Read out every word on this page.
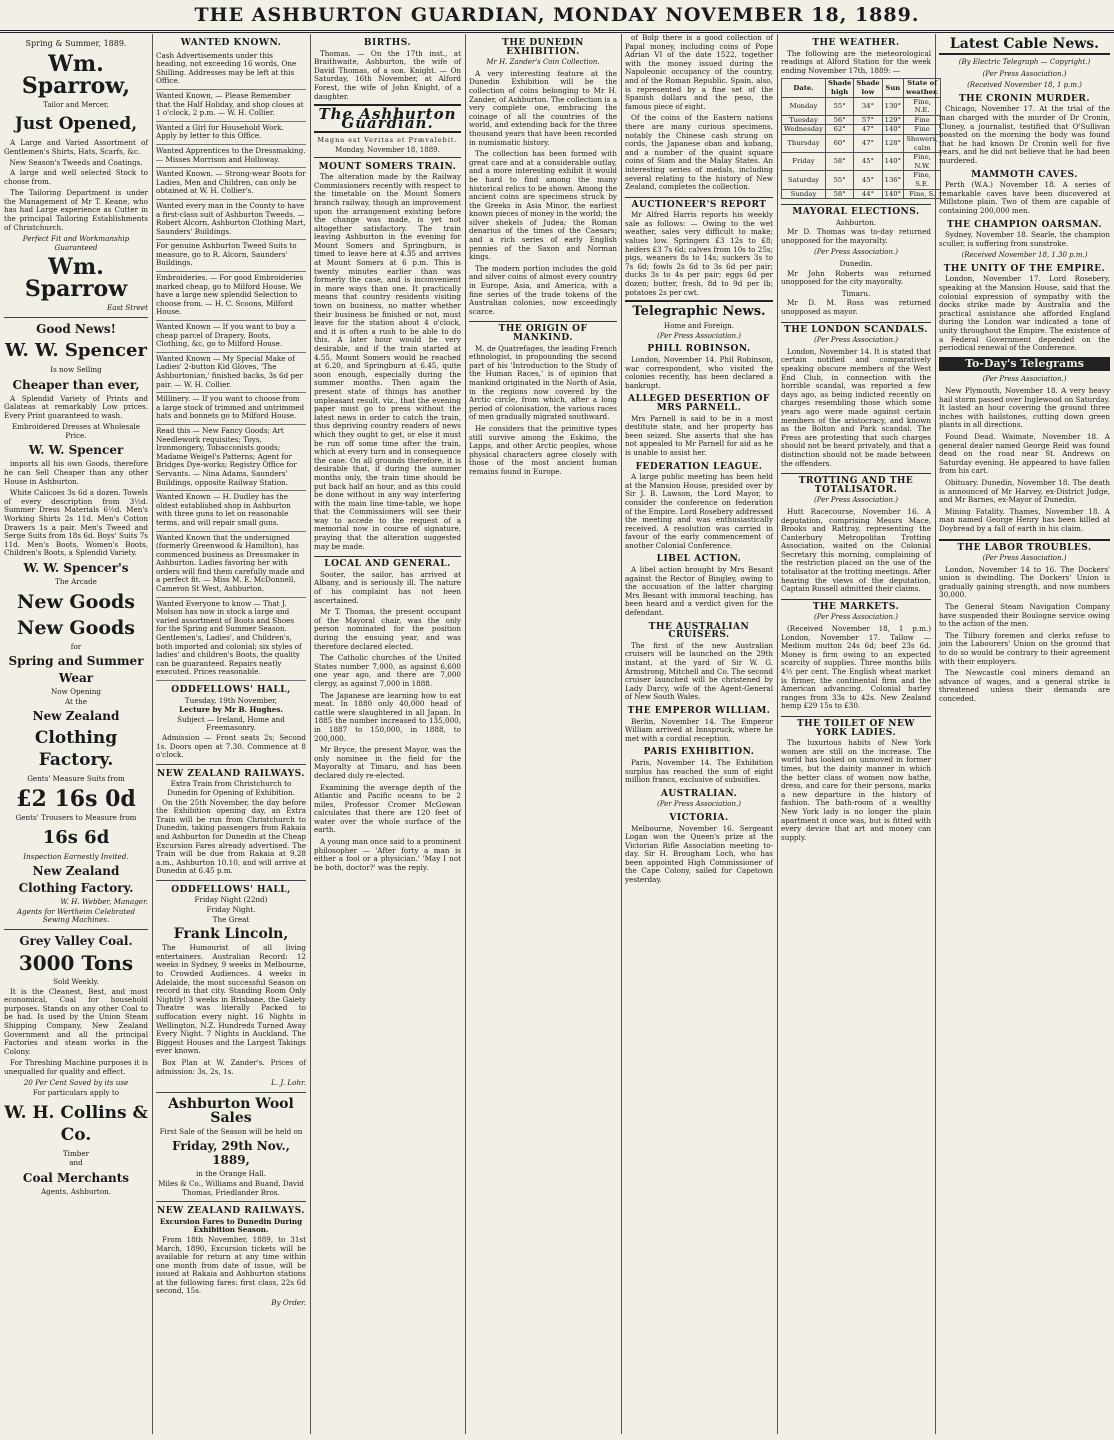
THE ASHBURTON GUARDIAN, MONDAY NOVEMBER 18, 1889.
Spring & Summer, 1889.
Wm. Sparrow,
Tailor and Mercer,
Just Opened,

A Large and Varied Assortment of Gentlemen's Shirts, Hats, Scarfs, &c.

New Season's Tweeds and Coatings.

A large and well selected Stock to choose from.

The Tailoring Department is under the Management of Mr T. Keane, who has had Large experience as Cutter in the principal Tailoring Establishments of Christchurch.

Perfect Fit and Workmanship Guaranteed
Wm. Sparrow
East Street
Good News!
W. W. Spencer
Is now Selling
Cheaper than ever,

A Splendid Variety of Prints and Galateas at remarkably Low prices. Every Print guaranteed to wash.

Embroidered Dresses at Wholesale Price.
W. W. Spencer

imports all his own Goods, therefore he can Sell Cheaper than any other House in Ashburton.

White Calicoes 3s 6d a dozen. Towels of every description from 3½d. Summer Dress Materials 6½d. Men's Working Shirts 2s 11d. Men's Cotton Drawers 1s a pair. Men's Tweed and Serge Suits from 18s 6d. Boys' Suits 7s 11d. Men's Boots, Women's Boots, Children's Boots, a Splendid Variety.

W. W. Spencer's
The Arcade
New Goods
New Goods
for
Spring and Summer
Wear
Now Opening
At the
New Zealand
Clothing Factory.
Gents' Measure Suits from
£2 16s 0d
Gents' Trousers to Measure from
16s 6d
Inspection Earnestly Invited.
New Zealand
Clothing Factory.
W. H. Webber, Manager.
Agents for Wertheim Celebrated Sewing Machines.
Grey Valley Coal.
3000 Tons
Sold Weekly.

It is the Cleanest, Best, and most economical, Coal for household purposes. Stands on any other Coal to be had. Is used by the Union Steam Shipping Company, New Zealand Government and all the principal Factories and steam works in the Colony.

For Threshing Machine purposes it is unequalled for quality and effect.

20 Per Cent Saved by its use
For particulars apply to
W. H. Collins & Co.
Timber
and
Coal Merchants
Agents, Ashburton.
WANTED KNOWN.
Cash Advertisements under this heading, not exceeding 16 words, One Shilling. Addresses may be left at this Office.
Wanted Known, — Please Remember that the Half Holiday, and shop closes at 1 o'clock, 2 p.m. — W. H. Collier.
Wanted a Girl for Household Work. Apply by letter to this Office.
Wanted Apprentices to the Dressmaking. — Misses Morrison and Holloway.
Wanted Known. — Strong-wear Boots for Ladies, Men and Children, can only be obtained at W. H. Collier's.
Wanted every man in the County to have a first-class suit of Ashburton Tweeds. — Robert Alcorn, Ashburton Clothing Mart, Saunders' Buildings.
For genuine Ashburton Tweed Suits to measure, go to R. Alcorn, Saunders' Buildings.
Embroideries. — For good Embroideries marked cheap, go to Milford House. We have a large new splendid Selection to choose from. — H. C. Scoons, Milford House.
Wanted Known — If you want to buy a cheap parcel of Drapery, Boots, Clothing, &c, go to Milford House.
Wanted Known — My Special Make of Ladies' 2-button Kid Gloves, 'The Ashburtonian,' finished backs, 3s 6d per pair. — W. H. Collier.
Millinery. — If you want to choose from a large stock of trimmed and untrimmed hats and bonnets go to Milford House.
Read this — New Fancy Goods; Art Needlework requisites; Toys, Ironmongery, Tobacconists goods; Madame Weigel's Patterns; Agent for Bridges Dye-works; Registry Office for Servants. — Nina Adams, Saunders' Buildings, opposite Railway Station.
Wanted Known — H. Dudley has the oldest established shop in Ashburton with three guns to let on reasonable terms, and will repair small guns.
Wanted Known that the undersigned (formerly Greenwood & Hamilton), has commenced business as Dressmaker in Ashburton. Ladies favoring her with orders will find them carefully made and a perfect fit. — Miss M. E. McDonnell, Cameron St West, Ashburton.
Wanted Everyone to know — That J. Molson has now in stock a large and varied assortment of Boots and Shoes for the Spring and Summer Season. Gentlemen's, Ladies', and Children's, both imported and colonial; six styles of ladies' and children's Boots, the quality can be guaranteed. Repairs neatly executed. Prices reasonable.
ODDFELLOWS' HALL,
Tuesday, 19th November,
Lecture by Mr B. Hughes.
Subject — Ireland, Home and Freemasonry.

Admission — Front seats 2s; Second 1s. Doors open at 7.30. Commence at 8 o'clock.

NEW ZEALAND RAILWAYS.
Extra Train from Christchurch to Dunedin for Opening of Exhibition.

On the 25th November, the day before the Exhibition opening day, an Extra Train will be run from Christchurch to Dunedin, taking passengers from Rakaia and Ashburton for Dunedin at the Cheap Excursion Fares already advertised. The Train will be due from Rakaia at 9.28 a.m., Ashburton 10.10, and will arrive at Dunedin at 6.45 p.m.

ODDFELLOWS' HALL,
Friday Night (22nd)
Friday Night.
The Great
Frank Lincoln,

The Humourist of all living entertainers. Australian Record: 12 weeks in Sydney, 9 weeks in Melbourne, to Crowded Audiences. 4 weeks in Adelaide, the most successful Season on record in that city. Standing Room Only Nightly! 3 weeks in Brisbane, the Gaiety Theatre was literally Packed to suffocation every night. 16 Nights in Wellington, N.Z. Hundreds Turned Away Every Night. 7 Nights in Auckland. The Biggest Houses and the Largest Takings ever known.

Box Plan at W. Zander's. Prices of admission: 3s, 2s, 1s.

L. J. Lohr.
Ashburton Wool Sales
First Sale of the Season will be held on
Friday, 29th Nov., 1889,
in the Orange Hall.
Miles & Co., Williams and Buand, David Thomas, Friedlander Bros.
NEW ZEALAND RAILWAYS.
Excursion Fares to Dunedin During Exhibition Season.

From 18th November, 1889, to 31st March, 1890, Excursion tickets will be available for return at any time within one month from date of issue, will be issued at Rakaia and Ashburton stations at the following fares: first class, 22s 6d second, 15s.

By Order.
BIRTHS.

Thomas. — On the 17th inst., at Braithwaite, Ashburton, the wife of David Thomas, of a son. Knight. — On Saturday, 16th November, at Alford Forest, the wife of John Knight, of a daughter.

The Ashburton Guardian.
Magna est Veritas et Prævalebit.
Monday, November 18, 1889.
MOUNT SOMERS TRAIN.

The alteration made by the Railway Commissioners recently with respect to the timetable on the Mount Somers branch railway, though an improvement upon the arrangement existing before the change was made, is yet not altogether satisfactory. The train leaving Ashburton in the evening for Mount Somers and Springburn, is timed to leave here at 4.35 and arrives at Mount Somers at 6 p.m. This is twenty minutes earlier than was formerly the case, and is inconvenient in more ways than one. It practically means that country residents visiting town on business, no matter whether their business be finished or not, must leave for the station about 4 o'clock, and it is often a rush to be able to do this. A later hour would be very desirable, and if the train started at 4.55, Mount Somers would be reached at 6.20, and Springburn at 6.45, quite soon enough, especially during the summer months. Then again the present state of things has another unpleasant result, viz., that the evening paper must go to press without the latest news in order to catch the train, thus depriving country readers of news which they ought to get, or else it must be run off some time after the train, which at every turn and in consequence the case. On all grounds therefore, it is desirable that, if during the summer months only, the train time should be put back half an hour, and as this could be done without in any way interfering with the main line time-table, we hope that the Commissioners will see their way to accede to the request of a memorial now in course of signature, praying that the alteration suggested may be made.

LOCAL AND GENERAL.

Sooter, the sailor, has arrived at Albany, and is seriously ill. The nature of his complaint has not been ascertained.

Mr T. Thomas, the present occupant of the Mayoral chair, was the only person nominated for the position during the ensuing year, and was therefore declared elected.

The Catholic churches of the United States number 7,000, as against 6,600 one year ago, and there are 7,000 clergy, as against 7,000 in 1888.

The Japanese are learning how to eat meat. In 1880 only 40,000 head of cattle were slaughtered in all Japan. In 1885 the number increased to 135,000, in 1887 to 150,000, in 1888, to 200,000.

Mr Bryce, the present Mayor, was the only nominee in the field for the Mayoralty at Timaru, and has been declared duly re-elected.

Examining the average depth of the Atlantic and Pacific oceans to be 2 miles, Professor Cromer McGowan calculates that there are 120 feet of water over the whole surface of the earth.

A young man once said to a prominent philosopher — 'After forty a man is either a fool or a physician.' 'May I not be both, doctor?' was the reply.

THE DUNEDIN EXHIBITION.
Mr H. Zander's Coin Collection.

A very interesting feature at the Dunedin Exhibition will be the collection of coins belonging to Mr H. Zander, of Ashburton. The collection is a very complete one, embracing the coinage of all the countries of the world, and extending back for the three thousand years that have been recorded in numismatic history.

The collection has been formed with great care and at a considerable outlay, and a more interesting exhibit it would be hard to find among the many historical relics to be shown. Among the ancient coins are specimens struck by the Greeks in Asia Minor, the earliest known pieces of money in the world; the silver shekels of Judea; the Roman denarius of the times of the Caesars; and a rich series of early English pennies of the Saxon and Norman kings.

The modern portion includes the gold and silver coins of almost every country in Europe, Asia, and America, with a fine series of the trade tokens of the Australian colonies, now exceedingly scarce.

THE ORIGIN OF MANKIND.

M. de Quatrefages, the leading French ethnologist, in propounding the second part of his 'Introduction to the Study of the Human Races,' is of opinion that mankind originated in the North of Asia, in the regions now covered by the Arctic circle, from which, after a long period of colonisation, the various races of men gradually migrated southward.

He considers that the primitive types still survive among the Eskimo, the Lapps, and other Arctic peoples, whose physical characters agree closely with those of the most ancient human remains found in Europe.

of Bolp there is a good collection of Papal money, including coins of Pope Adrian VI of the date 1522, together with the money issued during the Napoleonic occupancy of the country, and of the Roman Republic. Spain, also, is represented by a fine set of the Spanish dollars and the peso, the famous piece of eight.

Of the coins of the Eastern nations there are many curious specimens, notably the Chinese cash strung on cords, the Japanese oban and kobang, and a number of the quaint square coins of Siam and the Malay States. An interesting series of medals, including several relating to the history of New Zealand, completes the collection.

AUCTIONEER'S REPORT

Mr Alfred Harris reports his weekly sale as follows: — Owing to the wet weather, sales very difficult to make; values low. Springers £3 12s to £8; heifers £3 7s 6d; calves from 10s to 25s; pigs, weaners 8s to 14s; suckers 3s to 7s 6d; fowls 2s 6d to 3s 6d per pair; ducks 3s to 4s per pair; eggs 6d per dozen; butter, fresh, 8d to 9d per lb; potatoes 2s per cwt.

Telegraphic News.
Home and Foreign.
(Per Press Association.)
PHILL ROBINSON.

London, November 14. Phil Robinson, war correspondent, who visited the colonies recently, has been declared a bankrupt.

ALLEGED DESERTION OF MRS PARNELL.

Mrs Parnell is said to be in a most destitute state, and her property has been seized. She asserts that she has not appealed to Mr Parnell for aid as he is unable to assist her.

FEDERATION LEAGUE.

A large public meeting has been held at the Mansion House, presided over by Sir J. B. Lawson, the Lord Mayor, to consider the conference on federation of the Empire. Lord Rosebery addressed the meeting and was enthusiastically received. A resolution was carried in favour of the early commencement of another Colonial Conference.

LIBEL ACTION.

A libel action brought by Mrs Besant against the Rector of Bingley, owing to the accusation of the latter charging Mrs Besant with immoral teaching, has been heard and a verdict given for the defendant.

THE AUSTRALIAN CRUISERS.

The first of the new Australian cruisers will be launched on the 29th instant, at the yard of Sir W. G. Armstrong, Mitchell and Co. The second cruiser launched will be christened by Lady Darcy, wife of the Agent-General of New South Wales.

THE EMPEROR WILLIAM.

Berlin, November 14. The Emperor William arrived at Innspruck, where he met with a cordial reception.

PARIS EXHIBITION.

Paris, November 14. The Exhibition surplus has reached the sum of eight million francs, exclusive of subsidies.

AUSTRALIAN.
(Per Press Association.)
VICTORIA.

Melbourne, November 16. Sergeant Logan won the Queen's prize at the Victorian Rifle Association meeting to-day. Sir H. Brougham Loch, who has been appointed High Commissioner of the Cape Colony, sailed for Capetown yesterday.

THE WEATHER.

The following are the meteorological readings at Alford Station for the week ending November 17th, 1889: —

Date.	Shade high	Shade low	Sun	State of weather.
Monday	55°	34°	130°	Fine, N.E.
Tuesday	56°	57°	129°	Fine
Wednesday	62°	47°	140°	Fine
Thursday	60°	47°	128°	Showers, calm
Friday	58°	45°	140°	Fine, N.W.
Saturday	55°	45°	136°	Fine, S.E.
Sunday	58°	44°	140°	Fine, S.
MAYORAL ELECTIONS.
Ashburton.

Mr D. Thomas was to-day returned unopposed for the mayoralty.

(Per Press Association.)
Dunedin.

Mr John Roberts was returned unopposed for the city mayoralty.

Timaru.

Mr D. M. Ross was returned unopposed as mayor.

THE LONDON SCANDALS.
(Per Press Association.)

London, November 14. It is stated that certain notified and comparatively speaking obscure members of the West End Club, in connection with the horrible scandal, was reported a few days ago, as being indicted recently on charges resembling those which some years ago were made against certain members of the aristocracy, and known as the Bolton and Park scandal. The Press are protesting that such charges should not be heard privately, and that a distinction should not be made between the offenders.

TROTTING AND THE TOTALISATOR.
(Per Press Association.)

Hutt Racecourse, November 16. A deputation, comprising Messrs Mace, Brooks and Rattray, representing the Canterbury Metropolitan Trotting Association, waited on the Colonial Secretary this morning, complaining of the restriction placed on the use of the totalisator at the trotting meetings. After hearing the views of the deputation, Captain Russell admitted their claims.

THE MARKETS.
(Per Press Association.)

(Received November 18, 1 p.m.) London, November 17. Tallow — Medium mutton 24s 6d; beef 23s 6d. Money is firm owing to an expected scarcity of supplies. Three months bills 4½ per cent. The English wheat market is firmer, the continental firm and the American advancing. Colonial barley ranges from 33s to 42s. New Zealand hemp £29 15s to £30.

THE TOILET OF NEW YORK LADIES.

The luxurious habits of New York women are still on the increase. The world has looked on unmoved in former times, but the dainty manner in which the better class of women now bathe, dress, and care for their persons, marks a new departure in the history of fashion. The bath-room of a wealthy New York lady is no longer the plain apartment it once was, but is fitted with every device that art and money can supply.

Latest Cable News.
(By Electric Telegraph — Copyright.)
(Per Press Association.)
(Received November 18, 1 p.m.)
THE CRONIN MURDER.

Chicago, November 17. At the trial of the man charged with the murder of Dr Cronin, Cluney, a journalist, testified that O'Sullivan boasted on the morning the body was found that he had known Dr Cronin well for five years, and he did not believe that he had been murdered.

MAMMOTH CAVES.

Perth (W.A.) November 18. A series of remarkable caves have been discovered at Millstone plain. Two of them are capable of containing 200,000 men.

THE CHAMPION OARSMAN.

Sydney, November 18. Searle, the champion sculler, is suffering from sunstroke.

(Received November 18, 1.30 p.m.)
THE UNITY OF THE EMPIRE.

London, November 17. Lord Rosebery, speaking at the Mansion House, said that the colonial expression of sympathy with the docks strike made by Australia and the practical assistance she afforded England during the London war indicated a tone of unity throughout the Empire. The existence of a Federal Government depended on the periodical renewal of the Conference.

To-Day's Telegrams
(Per Press Association.)

New Plymouth, November 18. A very heavy hail storm passed over Inglewood on Saturday. It lasted an hour covering the ground three inches with hailstones, cutting down green plants in all directions.

Found Dead. Waimate, November 18. A general dealer named George Reid was found dead on the road near St. Andrews on Saturday evening. He appeared to have fallen from his cart.

Obituary. Dunedin, November 18. The death is announced of Mr Harvey, ex-District Judge, and Mr Barnes, ex-Mayor of Dunedin.

Mining Fatality. Thames, November 18. A man named George Henry has been killed at Doybread by a fall of earth in his claim.

THE LABOR TROUBLES.
(Per Press Association.)

London, November 14 to 16. The Dockers' union is dwindling. The Dockers' Union is gradually gaining strength, and now numbers 30,000.

The General Steam Navigation Company have suspended their Boulogne service owing to the action of the men.

The Tilbury foremen and clerks refuse to join the Labourers' Union on the ground that to do so would be contrary to their agreement with their employers.

The Newcastle coal miners demand an advance of wages, and a general strike is threatened unless their demands are conceded.
